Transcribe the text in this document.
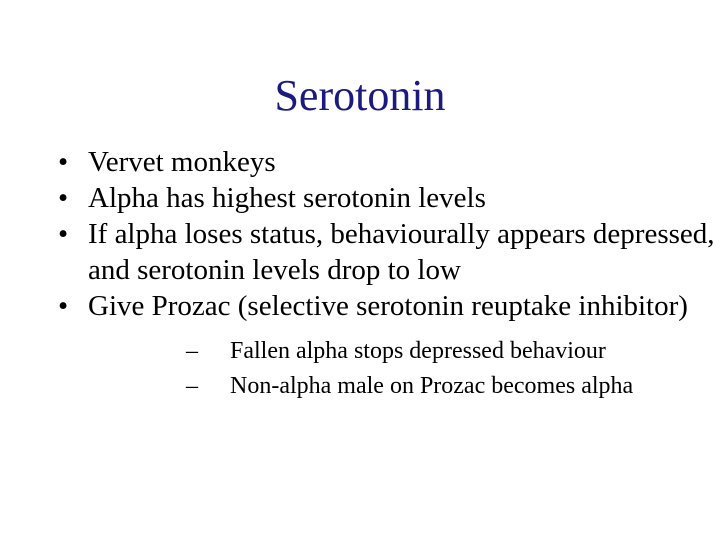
Serotonin
• Vervet monkeys
• Alpha has highest serotonin levels
• If alpha loses status, behaviourally appears depressed, and serotonin levels drop to low
• Give Prozac (selective serotonin reuptake inhibitor)
– Fallen alpha stops depressed behaviour
– Non-alpha male on Prozac becomes alpha
